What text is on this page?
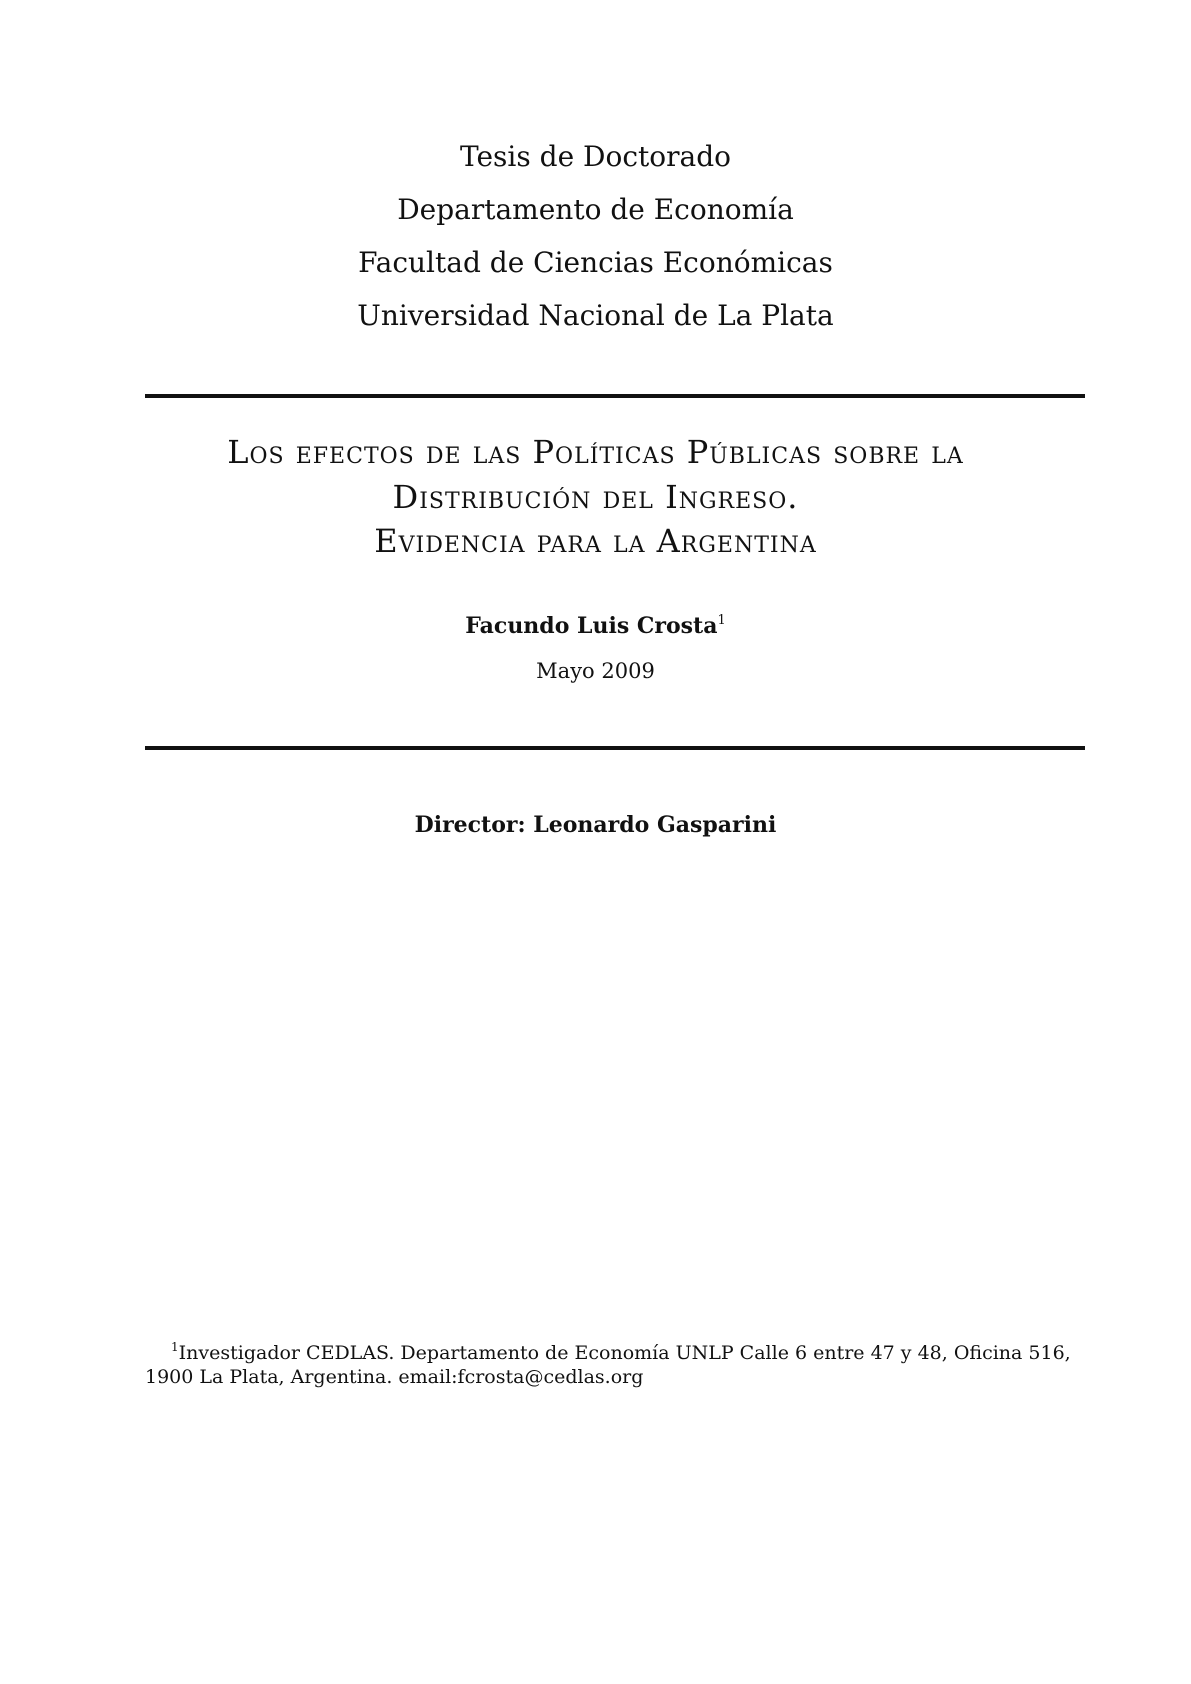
Tesis de Doctorado
Departamento de Economía
Facultad de Ciencias Económicas
Universidad Nacional de La Plata
Los efectos de las Políticas Públicas sobre la
Distribución del Ingreso.
Evidencia para la Argentina
Facundo Luis Crosta$^1$
Mayo 2009
Director: Leonardo Gasparini
$^1$Investigador CEDLAS. Departamento de Economía UNLP Calle 6 entre 47 y 48, Oficina 516,
1900 La Plata, Argentina. email:fcrosta@cedlas.org
